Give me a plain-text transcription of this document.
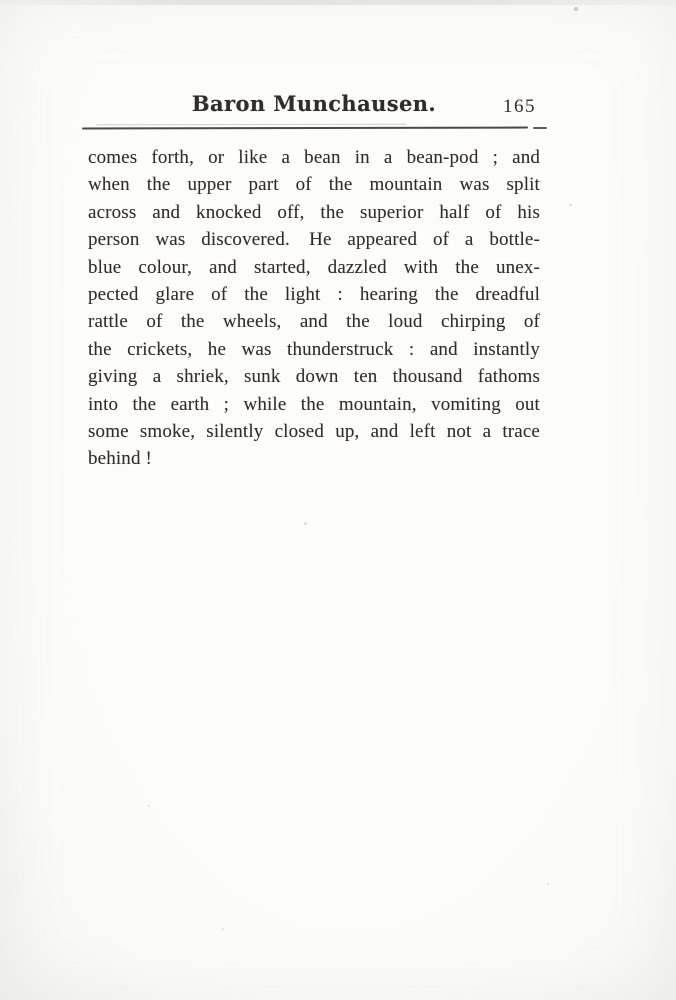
Baron Munchausen.	165
comes forth, or like a bean in a bean-pod ; and
when the upper part of the mountain was split
across and knocked off, the superior half of his
person was discovered. He appeared of a bottle-
blue colour, and started, dazzled with the unex-
pected glare of the light : hearing the dreadful
rattle of the wheels, and the loud chirping of
the crickets, he was thunderstruck : and instantly
giving a shriek, sunk down ten thousand fathoms
into the earth ; while the mountain, vomiting out
some smoke, silently closed up, and left not a trace
behind !
